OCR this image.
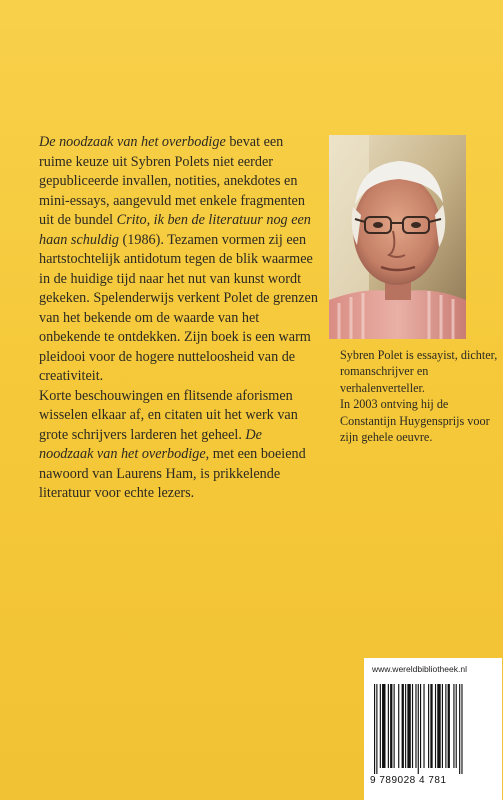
De noodzaak van het overbodige bevat een ruime keuze uit Sybren Polets niet eerder gepubliceerde invallen, notities, anekdotes en mini-essays, aangevuld met enkele fragmenten uit de bundel Crito, ik ben de literatuur nog een haan schuldig (1986). Tezamen vormen zij een hartstochtelijk antidotum tegen de blik waarmee in de huidige tijd naar het nut van kunst wordt gekeken. Spelenderwijs verkent Polet de grenzen van het bekende om de waarde van het onbekende te ontdekken. Zijn boek is een warm pleidooi voor de hogere nutteloosheid van de creativiteit.

Korte beschouwingen en flitsende aforismen wisselen elkaar af, en citaten uit het werk van grote schrijvers larderen het geheel. De noodzaak van het overbodige, met een boeiend nawoord van Laurens Ham, is prikkelende literatuur voor echte lezers.

Sybren Polet is essayist, dichter, romanschrijver en verhalenverteller.

In 2003 ontving hij de Constantijn Huygensprijs voor zijn gehele oeuvre.

www.wereldbibliotheek.nl
9 789028 4 781
